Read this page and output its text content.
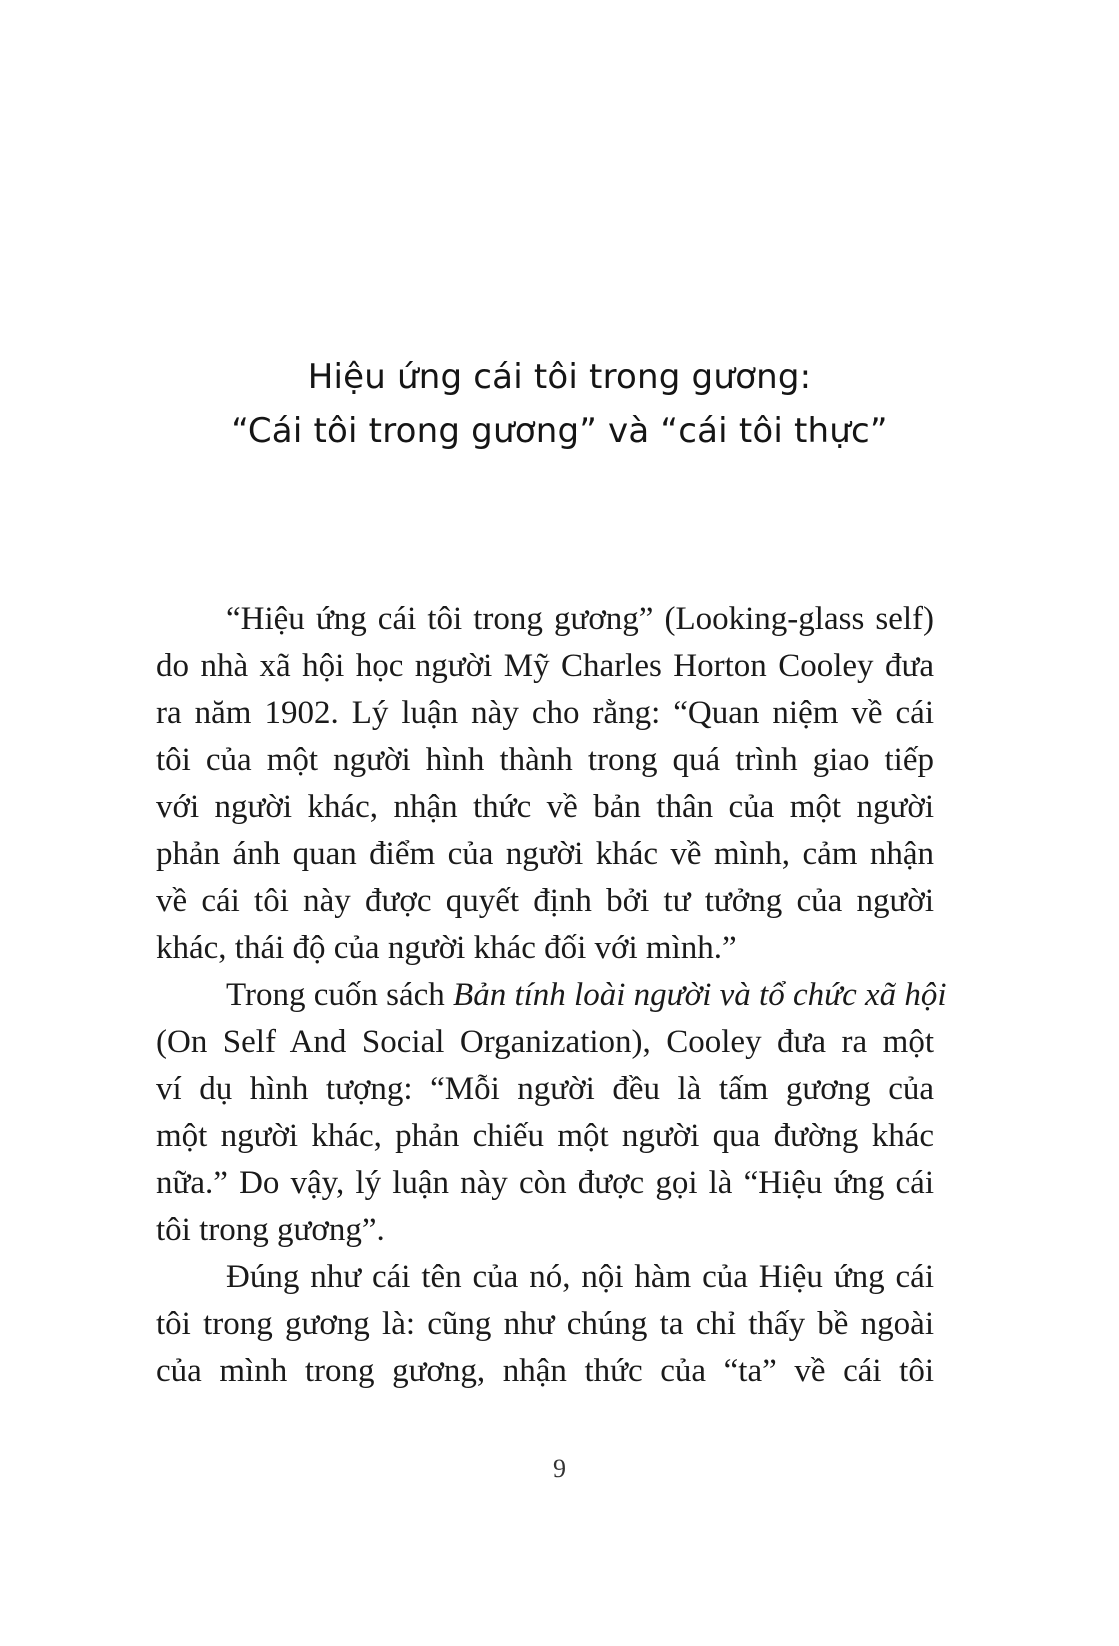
Hiệu ứng cái tôi trong gương:
“Cái tôi trong gương” và “cái tôi thực”
“Hiệu ứng cái tôi trong gương” (Looking-glass self)
do nhà xã hội học người Mỹ Charles Horton Cooley đưa
ra năm 1902. Lý luận này cho rằng: “Quan niệm về cái
tôi của một người hình thành trong quá trình giao tiếp
với người khác, nhận thức về bản thân của một người
phản ánh quan điểm của người khác về mình, cảm nhận
về cái tôi này được quyết định bởi tư tưởng của người
khác, thái độ của người khác đối với mình.”
Trong cuốn sách Bản tính loài người và tổ chức xã hội
(On Self And Social Organization), Cooley đưa ra một
ví dụ hình tượng: “Mỗi người đều là tấm gương của
một người khác, phản chiếu một người qua đường khác
nữa.” Do vậy, lý luận này còn được gọi là “Hiệu ứng cái
tôi trong gương”.
Đúng như cái tên của nó, nội hàm của Hiệu ứng cái
tôi trong gương là: cũng như chúng ta chỉ thấy bề ngoài
của mình trong gương, nhận thức của “ta” về cái tôi
9
